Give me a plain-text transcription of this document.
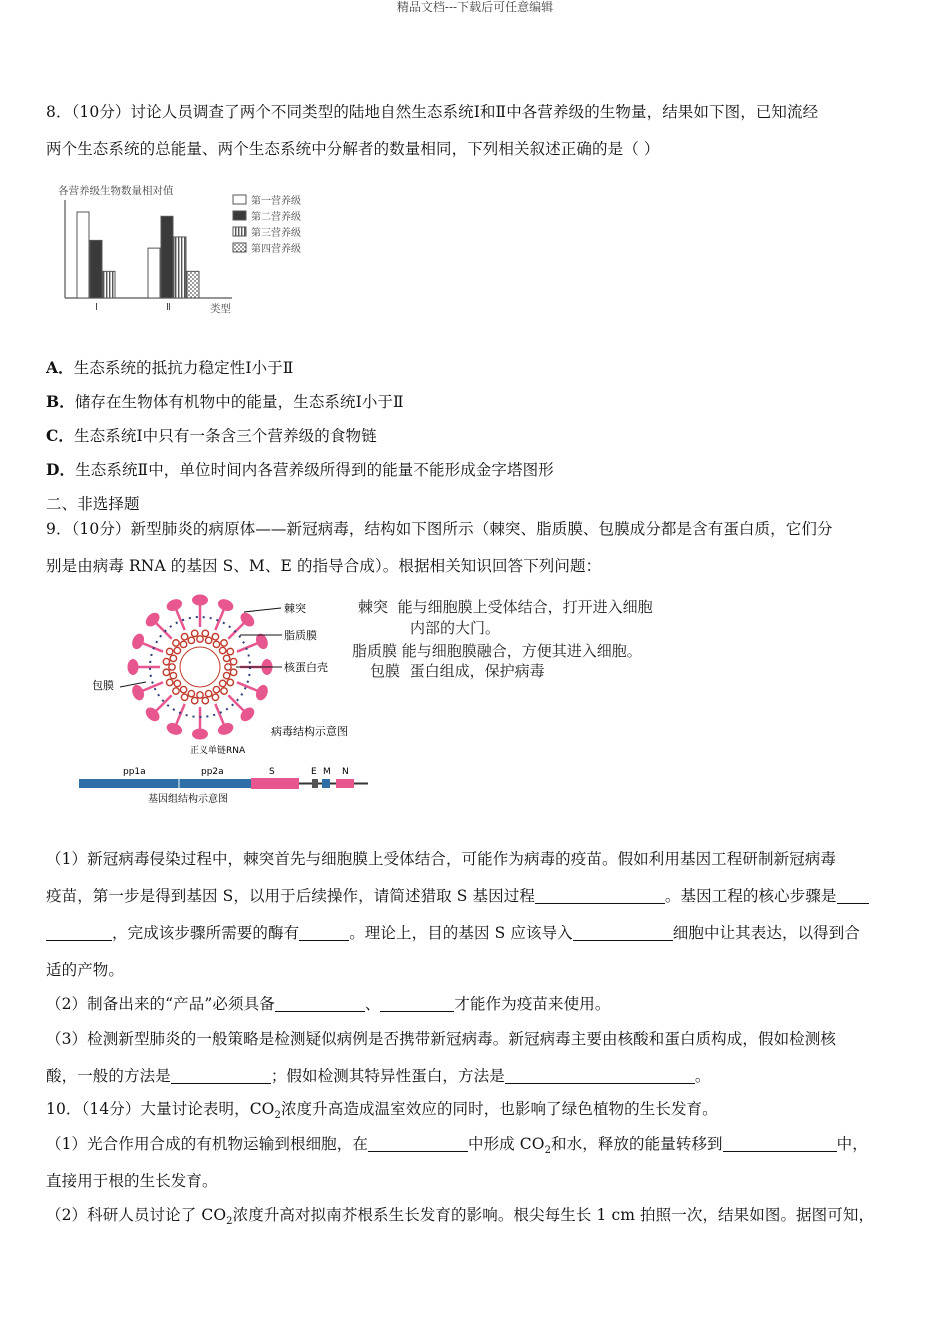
精品文档---下载后可任意编辑
8．（10分）讨论人员调查了两个不同类型的陆地自然生态系统Ⅰ和Ⅱ中各营养级的生物量，结果如下图，已知流经
两个生态系统的总能量、两个生态系统中分解者的数量相同，下列相关叙述正确的是（ ）
各营养级生物数量相对值
Ⅰ	Ⅱ	类型
第一营养级
第二营养级
第三营养级
第四营养级
A．生态系统的抵抗力稳定性Ⅰ小于Ⅱ
B．储存在生物体有机物中的能量，生态系统Ⅰ小于Ⅱ
C．生态系统Ⅰ中只有一条含三个营养级的食物链
D．生态系统Ⅱ中，单位时间内各营养级所得到的能量不能形成金字塔图形
二、非选择题
9．（10分）新型肺炎的病原体——新冠病毒，结构如下图所示（棘突、脂质膜、包膜成分都是含有蛋白质，它们分
别是由病毒 RNA 的基因 S、M、E 的指导合成）。根据相关知识回答下列问题：
棘突
脂质膜
核蛋白壳
包膜
病毒结构示意图
正义单链RNA
pp1a	pp2a	S	E M N
基因组结构示意图
棘突 能与细胞膜上受体结合，打开进入细胞
内部的大门。
脂质膜 能与细胞膜融合，方便其进入细胞。
包膜 蛋白组成，保护病毒
（1）新冠病毒侵染过程中，棘突首先与细胞膜上受体结合，可能作为病毒的疫苗。假如利用基因工程研制新冠病毒
疫苗，第一步是得到基因 S，以用于后续操作，请简述猎取 S 基因过程	。基因工程的核心步骤是
，完成该步骤所需要的酶有	。理论上，目的基因 S 应该导入	细胞中让其表达，以得到合
适的产物。
（2）制备出来的“产品”必须具备	、	才能作为疫苗来使用。
（3）检测新型肺炎的一般策略是检测疑似病例是否携带新冠病毒。新冠病毒主要由核酸和蛋白质构成，假如检测核
酸，一般的方法是	；假如检测其特异性蛋白，方法是	。
10．（14分）大量讨论表明，$CO_2$浓度升高造成温室效应的同时，也影响了绿色植物的生长发育。
（1）光合作用合成的有机物运输到根细胞，在	中形成 $CO_2$和水，释放的能量转移到	中，
直接用于根的生长发育。
（2）科研人员讨论了 $CO_2$浓度升高对拟南芥根系生长发育的影响。根尖每生长 1 cm 拍照一次，结果如图。据图可知，
